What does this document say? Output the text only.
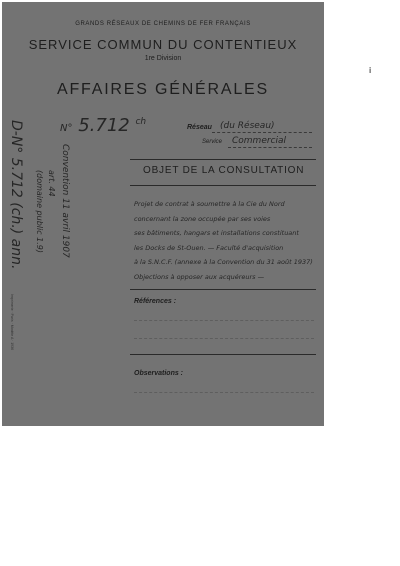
GRANDS RÉSEAUX DE CHEMINS DE FER FRANÇAIS
SERVICE COMMUN DU CONTENTIEUX
1re Division
AFFAIRES GÉNÉRALES
N° 5.712 $^{ch}$
Réseau (du Réseau)
Service Commercial
D-N° 5.712 (ch.) ann.	Convention 11 avril 1907
art. 44
(domaine public 1.9)	OBJET DE LA CONSULTATION
Projet de contrat à soumettre à la Cie du Nord
concernant la zone occupée par ses voies
ses bâtiments, hangars et installations constituant
les Docks de St-Ouen. — Faculté d'acquisition
à la S.N.C.F. (annexe à la Convention du 31 août 1937)
Objections à opposer aux acquéreurs —
Références :
Observations :
Imprimerie · Paris · Modèle A · 1936
i
